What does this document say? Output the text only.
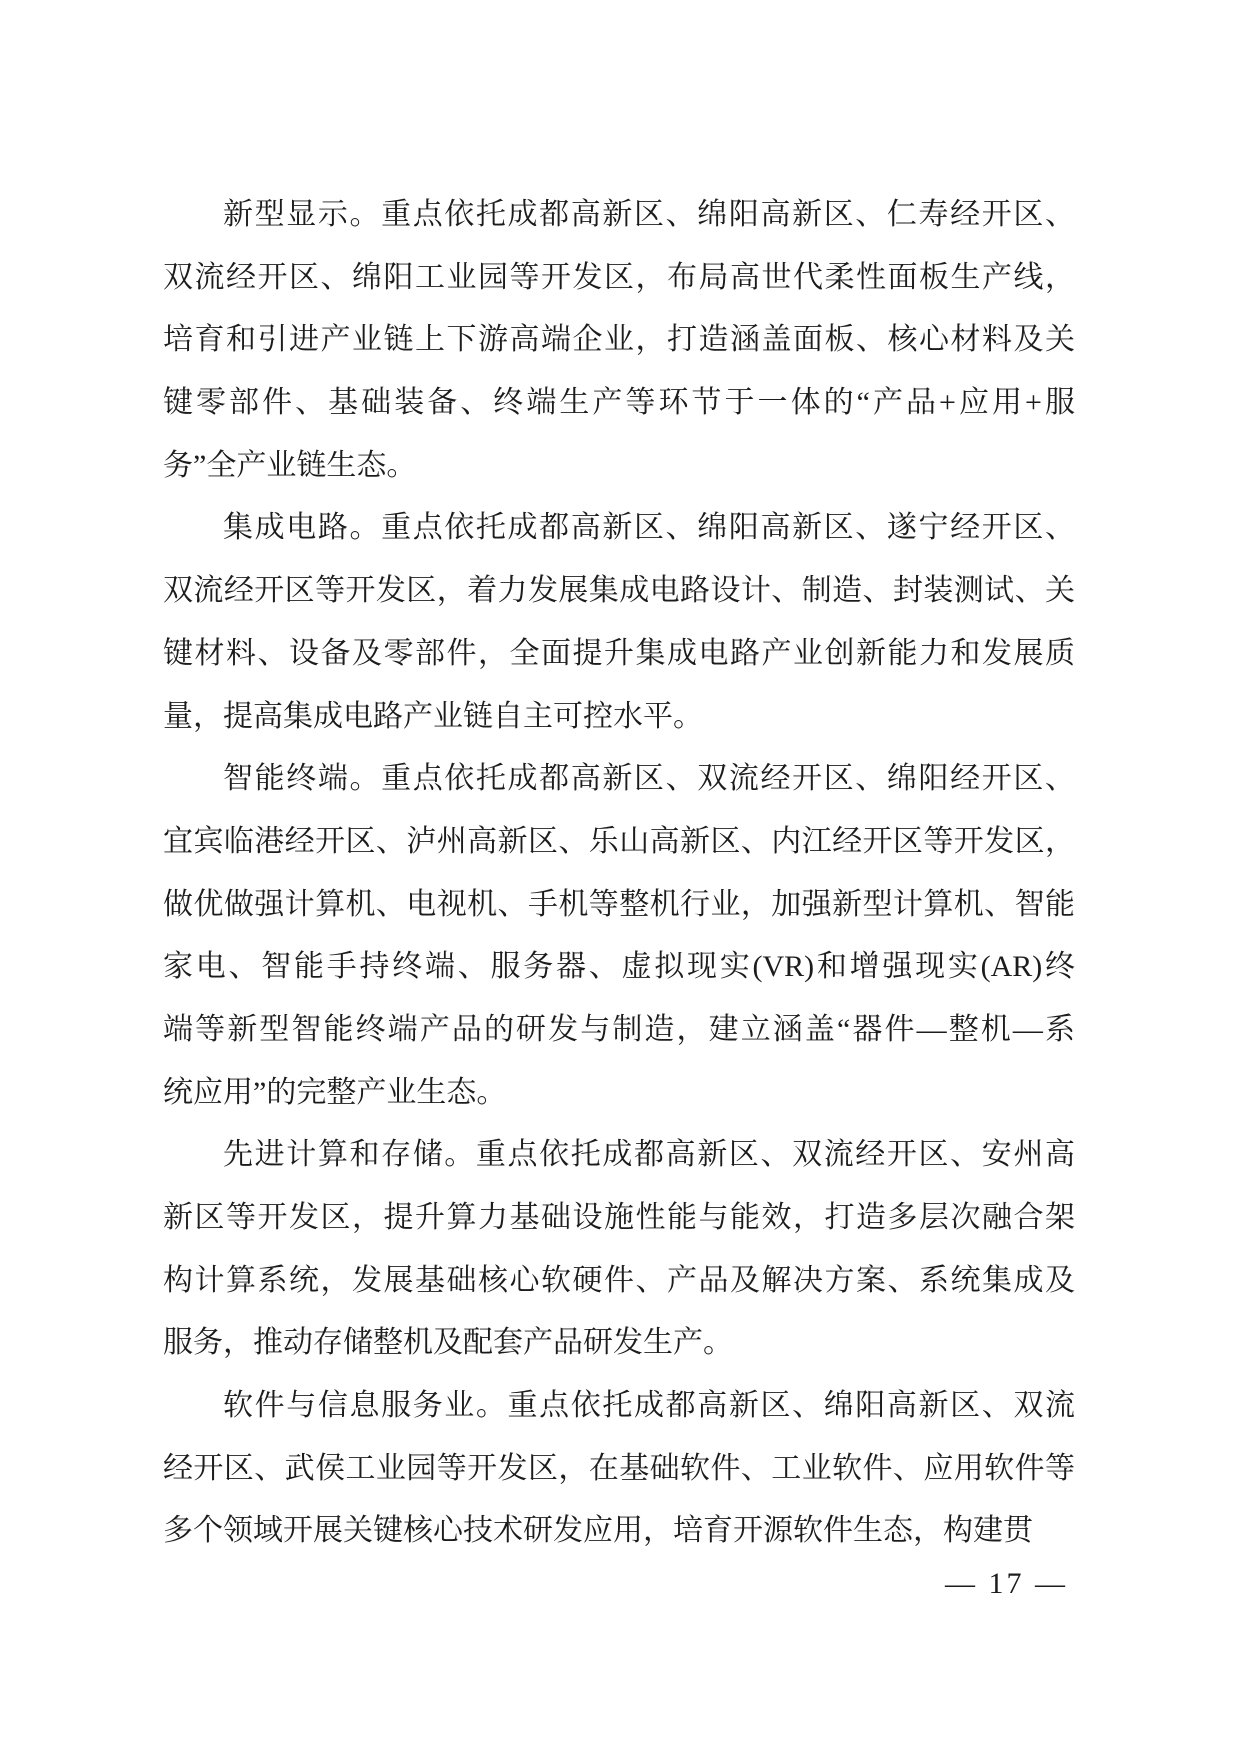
新型显示。重点依托成都高新区、绵阳高新区、仁寿经开区、
双流经开区、绵阳工业园等开发区，布局高世代柔性面板生产线，
培育和引进产业链上下游高端企业，打造涵盖面板、核心材料及关
键零部件、基础装备、终端生产等环节于一体的“产品+应用+服
务”全产业链生态。
集成电路。重点依托成都高新区、绵阳高新区、遂宁经开区、
双流经开区等开发区，着力发展集成电路设计、制造、封装测试、关
键材料、设备及零部件，全面提升集成电路产业创新能力和发展质
量，提高集成电路产业链自主可控水平。
智能终端。重点依托成都高新区、双流经开区、绵阳经开区、
宜宾临港经开区、泸州高新区、乐山高新区、内江经开区等开发区，
做优做强计算机、电视机、手机等整机行业，加强新型计算机、智能
家电、智能手持终端、服务器、虚拟现实(VR)和增强现实(AR)终
端等新型智能终端产品的研发与制造，建立涵盖“器件—整机—系
统应用”的完整产业生态。
先进计算和存储。重点依托成都高新区、双流经开区、安州高
新区等开发区，提升算力基础设施性能与能效，打造多层次融合架
构计算系统，发展基础核心软硬件、产品及解决方案、系统集成及
服务，推动存储整机及配套产品研发生产。
软件与信息服务业。重点依托成都高新区、绵阳高新区、双流
经开区、武侯工业园等开发区，在基础软件、工业软件、应用软件等
多个领域开展关键核心技术研发应用，培育开源软件生态，构建贯
— 17 —
